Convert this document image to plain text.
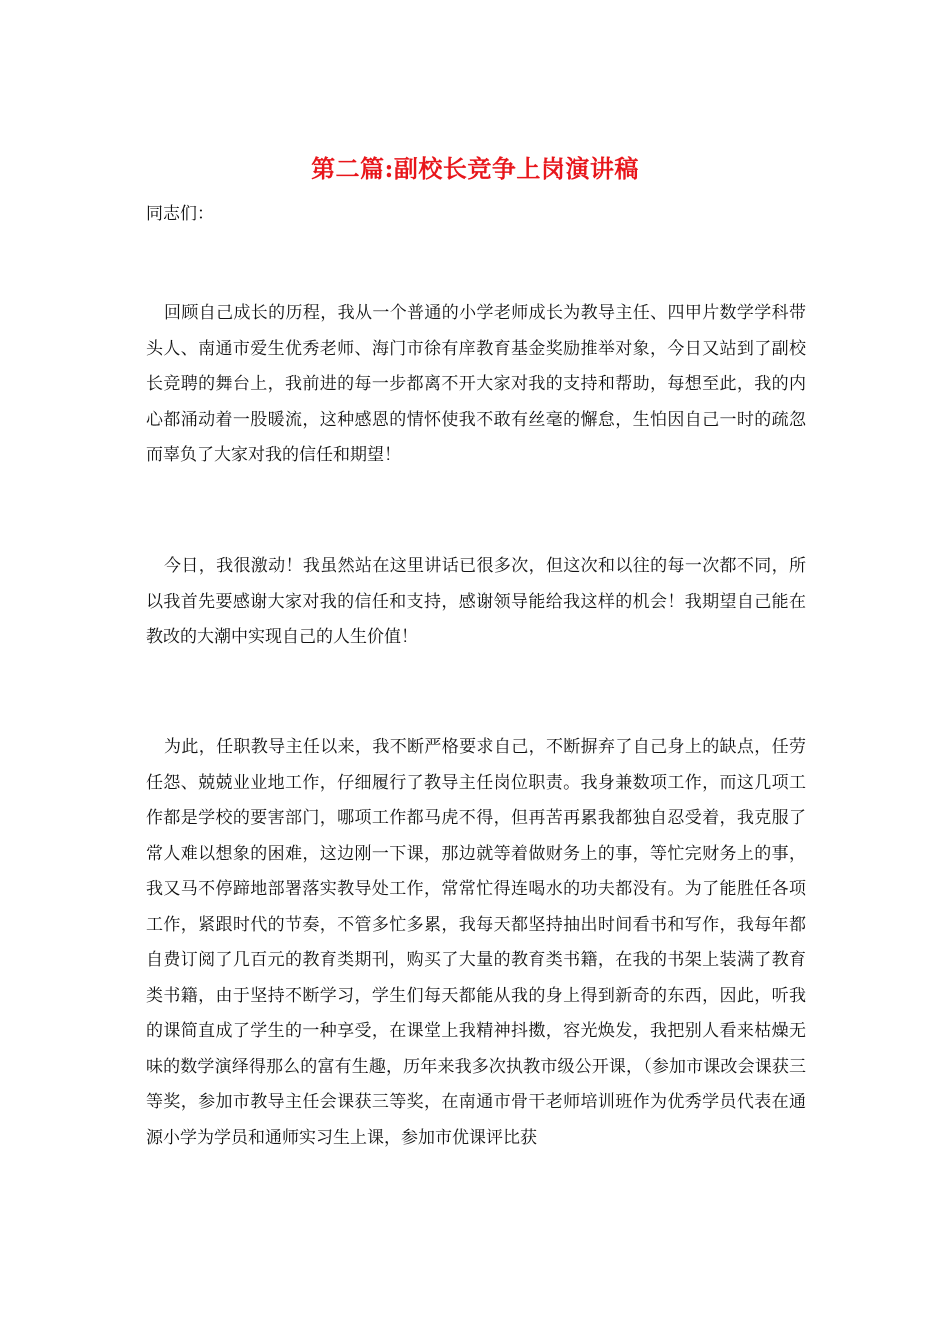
第二篇:副校长竞争上岗演讲稿
同志们：

回顾自己成长的历程，我从一个普通的小学老师成长为教导主任、四甲片数学学科带头人、南通市爱生优秀老师、海门市徐有庠教育基金奖励推举对象，今日又站到了副校长竞聘的舞台上，我前进的每一步都离不开大家对我的支持和帮助，每想至此，我的内心都涌动着一股暖流，这种感恩的情怀使我不敢有丝毫的懈怠，生怕因自己一时的疏忽而辜负了大家对我的信任和期望！

今日，我很激动！我虽然站在这里讲话已很多次，但这次和以往的每一次都不同，所以我首先要感谢大家对我的信任和支持，感谢领导能给我这样的机会！我期望自己能在教改的大潮中实现自己的人生价值！

为此，任职教导主任以来，我不断严格要求自己，不断摒弃了自己身上的缺点，任劳任怨、兢兢业业地工作，仔细履行了教导主任岗位职责。我身兼数项工作，而这几项工作都是学校的要害部门，哪项工作都马虎不得，但再苦再累我都独自忍受着，我克服了常人难以想象的困难，这边刚一下课，那边就等着做财务上的事，等忙完财务上的事，我又马不停蹄地部署落实教导处工作，常常忙得连喝水的功夫都没有。为了能胜任各项工作，紧跟时代的节奏，不管多忙多累，我每天都坚持抽出时间看书和写作，我每年都自费订阅了几百元的教育类期刊，购买了大量的教育类书籍，在我的书架上装满了教育类书籍，由于坚持不断学习，学生们每天都能从我的身上得到新奇的东西，因此，听我的课简直成了学生的一种享受，在课堂上我精神抖擞，容光焕发，我把别人看来枯燥无味的数学演绎得那么的富有生趣，历年来我多次执教市级公开课，（参加市课改会课获三等奖，参加市教导主任会课获三等奖，在南通市骨干老师培训班作为优秀学员代表在通源小学为学员和通师实习生上课，参加市优课评比获
